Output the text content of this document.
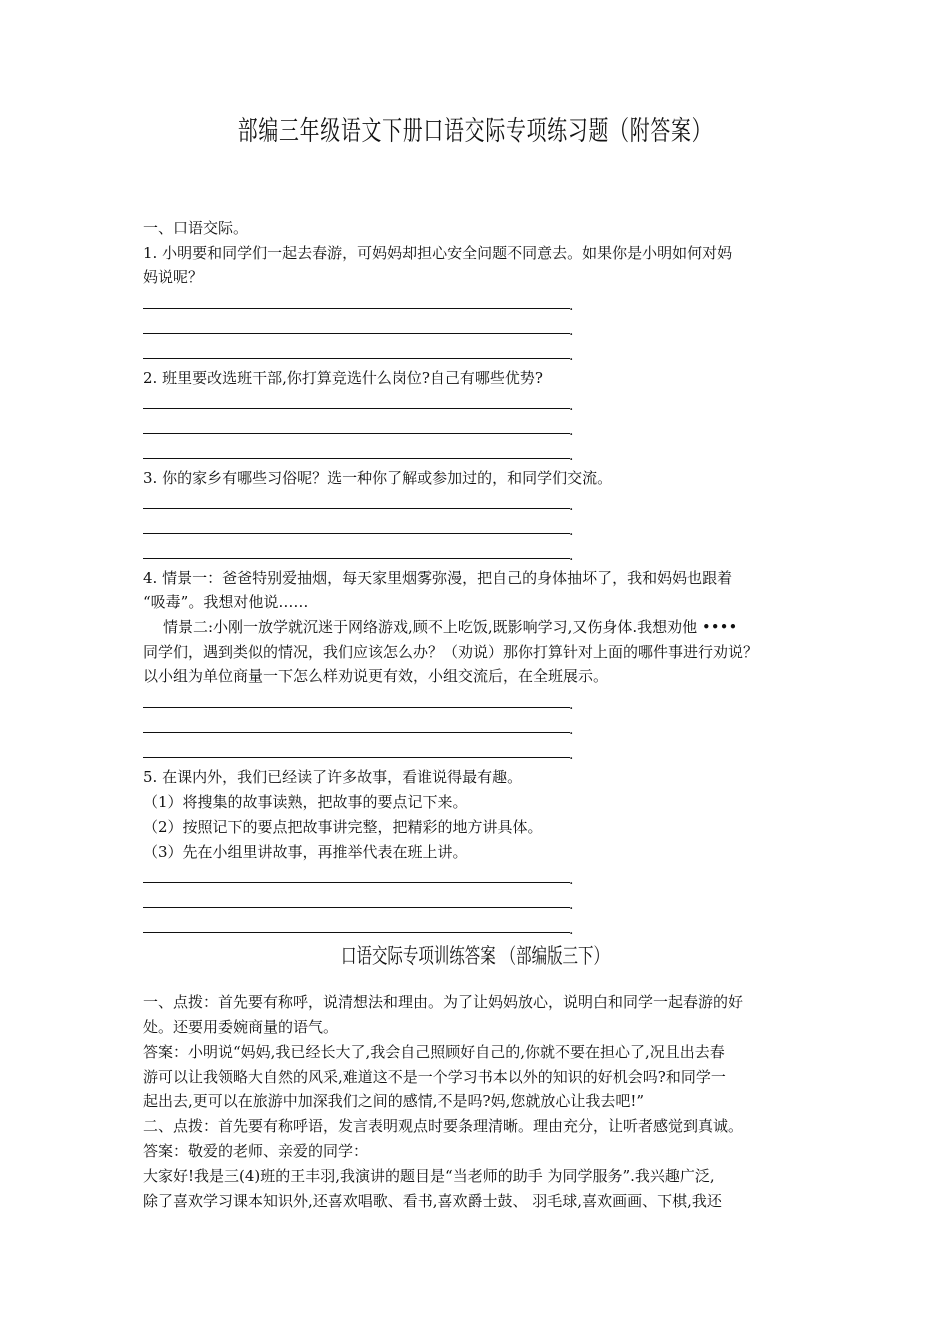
部编三年级语文下册口语交际专项练习题（附答案）
一、口语交际。
1. 小明要和同学们一起去春游，可妈妈却担心安全问题不同意去。如果你是小明如何对妈
妈说呢？
.
.
.
2. 班里要改选班干部,你打算竞选什么岗位?自己有哪些优势?
.
.
.
3. 你的家乡有哪些习俗呢？选一种你了解或参加过的，和同学们交流。
.
.
.
4. 情景一：爸爸特别爱抽烟，每天家里烟雾弥漫，把自己的身体抽坏了，我和妈妈也跟着
“吸毒”。我想对他说……
情景二:小刚一放学就沉迷于网络游戏,顾不上吃饭,既影响学习,又伤身体.我想劝他 ••••
同学们，遇到类似的情况，我们应该怎么办？（劝说）那你打算针对上面的哪件事进行劝说？
以小组为单位商量一下怎么样劝说更有效，小组交流后，在全班展示。
.
.
.
5. 在课内外，我们已经读了许多故事，看谁说得最有趣。
（1）将搜集的故事读熟，把故事的要点记下来。
（2）按照记下的要点把故事讲完整，把精彩的地方讲具体。
（3）先在小组里讲故事，再推举代表在班上讲。
.
.
.
口语交际专项训练答案 （部编版三下）
一、点拨：首先要有称呼，说清想法和理由。为了让妈妈放心，说明白和同学一起春游的好
处。还要用委婉商量的语气。
答案：小明说“妈妈,我已经长大了,我会自己照顾好自己的,你就不要在担心了,况且出去春
游可以让我领略大自然的风采,难道这不是一个学习书本以外的知识的好机会吗?和同学一
起出去,更可以在旅游中加深我们之间的感情,不是吗?妈,您就放心让我去吧!”
二、点拨：首先要有称呼语，发言表明观点时要条理清晰。理由充分，让听者感觉到真诚。
答案：敬爱的老师、亲爱的同学：
大家好!我是三(4)班的王丰羽,我演讲的题目是“当老师的助手 为同学服务”.我兴趣广泛,
除了喜欢学习课本知识外,还喜欢唱歌、看书,喜欢爵士鼓、 羽毛球,喜欢画画、下棋,我还
